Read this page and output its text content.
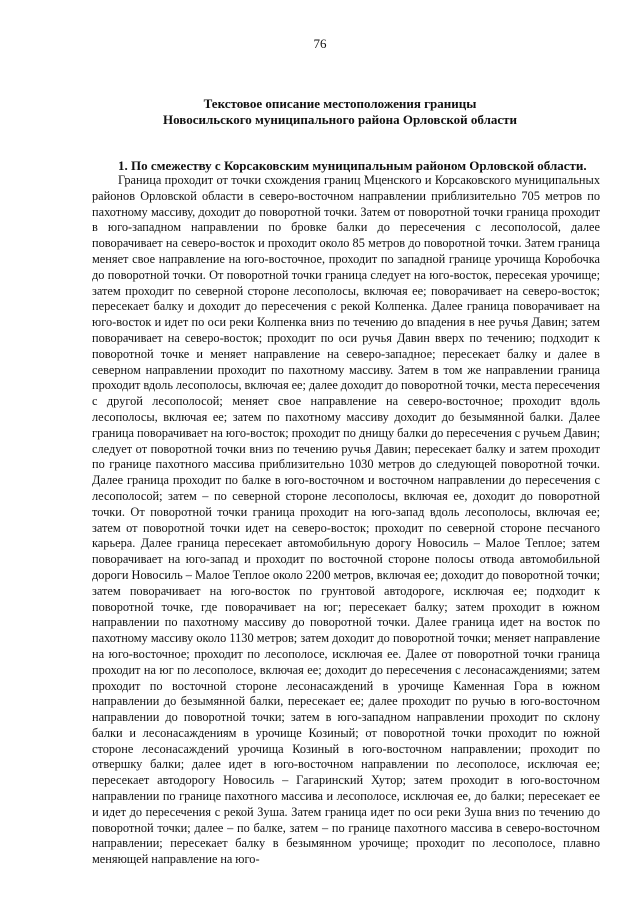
76
Текстовое описание местоположения границы
Новосильского муниципального района Орловской области
1. По смежеству с Корсаковским муниципальным районом Орловской области.

Граница проходит от точки схождения границ Мценского и Корсаковского муниципальных районов Орловской области в северо-восточном направлении приблизительно 705 метров по пахотному массиву, доходит до поворотной точки. Затем от поворотной точки граница проходит в юго-западном направлении по бровке балки до пересечения с лесополосой, далее поворачивает на северо-восток и проходит около 85 метров до поворотной точки. Затем граница меняет свое направление на юго-восточное, проходит по западной границе урочища Коробочка до поворотной точки. От поворотной точки граница следует на юго-восток, пересекая урочище; затем проходит по северной стороне лесополосы, включая ее; поворачивает на северо-восток; пересекает балку и доходит до пересечения с рекой Колпенка. Далее граница поворачивает на юго-восток и идет по оси реки Колпенка вниз по течению до впадения в нее ручья Давин; затем поворачивает на северо-восток; проходит по оси ручья Давин вверх по течению; подходит к поворотной точке и меняет направление на северо-западное; пересекает балку и далее в северном направлении проходит по пахотному массиву. Затем в том же направлении граница проходит вдоль лесополосы, включая ее; далее доходит до поворотной точки, места пересечения с другой лесополосой; меняет свое направление на северо-восточное; проходит вдоль лесополосы, включая ее; затем по пахотному массиву доходит до безымянной балки. Далее граница поворачивает на юго-восток; проходит по днищу балки до пересечения с ручьем Давин; следует от поворотной точки вниз по течению ручья Давин; пересекает балку и затем проходит по границе пахотного массива приблизительно 1030 метров до следующей поворотной точки. Далее граница проходит по балке в юго-восточном и восточном направлении до пересечения с лесополосой; затем – по северной стороне лесополосы, включая ее, доходит до поворотной точки. От поворотной точки граница проходит на юго-запад вдоль лесополосы, включая ее; затем от поворотной точки идет на северо-восток; проходит по северной стороне песчаного карьера. Далее граница пересекает автомобильную дорогу Новосиль – Малое Теплое; затем поворачивает на юго-запад и проходит по восточной стороне полосы отвода автомобильной дороги Новосиль – Малое Теплое около 2200 метров, включая ее; доходит до поворотной точки; затем поворачивает на юго-восток по грунтовой автодороге, исключая ее; подходит к поворотной точке, где поворачивает на юг; пересекает балку; затем проходит в южном направлении по пахотному массиву до поворотной точки. Далее граница идет на восток по пахотному массиву около 1130 метров; затем доходит до поворотной точки; меняет направление на юго-восточное; проходит по лесополосе, исключая ее. Далее от поворотной точки граница проходит на юг по лесополосе, включая ее; доходит до пересечения с лесонасаждениями; затем проходит по восточной стороне лесонасаждений в урочище Каменная Гора в южном направлении до безымянной балки, пересекает ее; далее проходит по ручью в юго-восточном направлении до поворотной точки; затем в юго-западном направлении проходит по склону балки и лесонасаждениям в урочище Козиный; от поворотной точки проходит по южной стороне лесонасаждений урочища Козиный в юго-восточном направлении; проходит по отвершку балки; далее идет в юго-восточном направлении по лесополосе, исключая ее; пересекает автодорогу Новосиль – Гагаринский Хутор; затем проходит в юго-восточном направлении по границе пахотного массива и лесополосе, исключая ее, до балки; пересекает ее и идет до пересечения с рекой Зуша. Затем граница идет по оси реки Зуша вниз по течению до поворотной точки; далее – по балке, затем – по границе пахотного массива в северо-восточном направлении; пересекает балку в безымянном урочище; проходит по лесополосе, плавно меняющей направление на юго-
